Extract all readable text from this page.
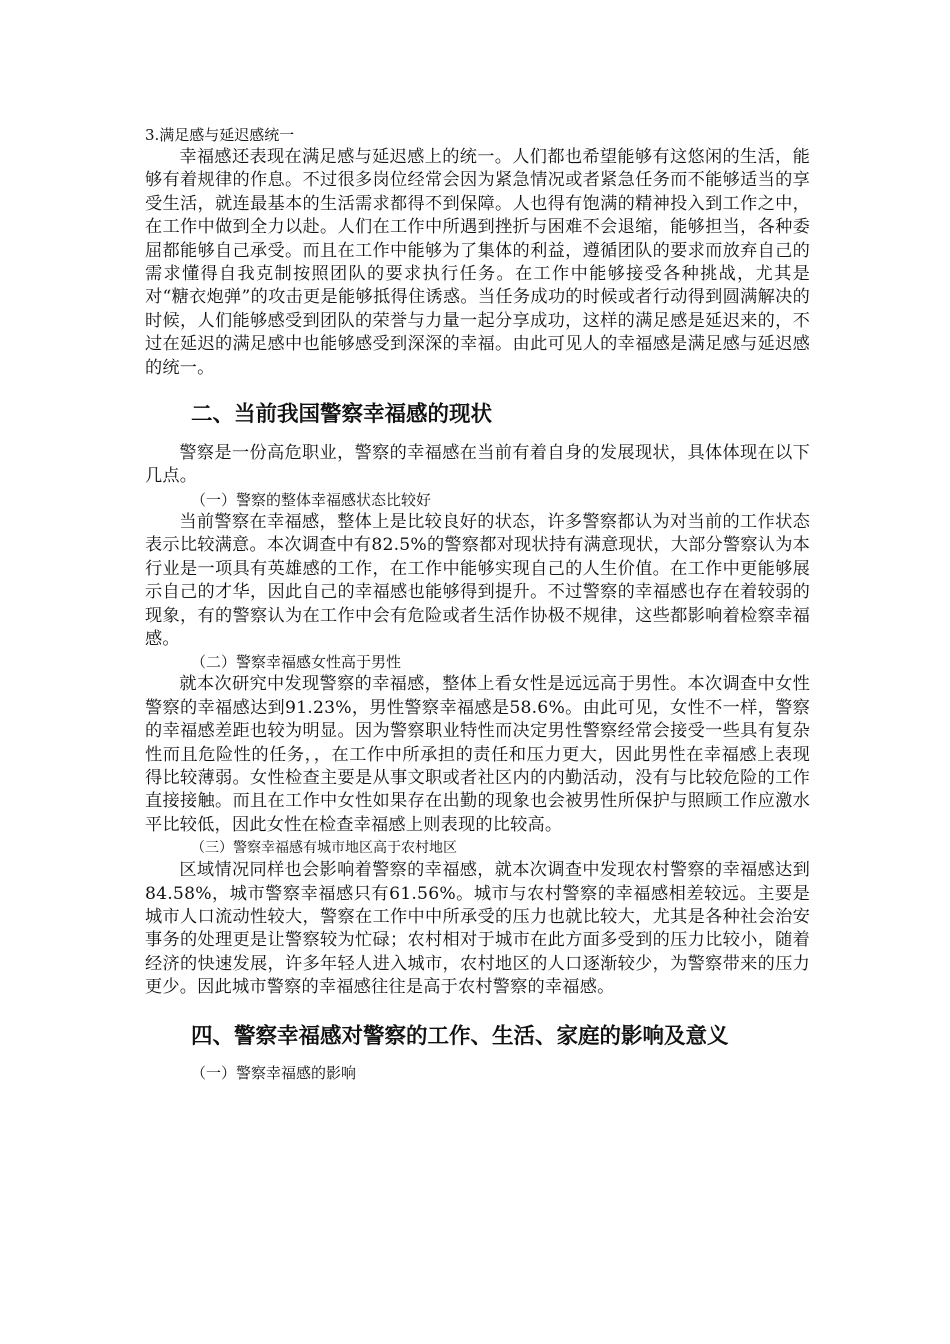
3.满足感与延迟感统一

幸福感还表现在满足感与延迟感上的统一。人们都也希望能够有这悠闲的生活，能够有着规律的作息。不过很多岗位经常会因为紧急情况或者紧急任务而不能够适当的享受生活，就连最基本的生活需求都得不到保障。人也得有饱满的精神投入到工作之中，在工作中做到全力以赴。人们在工作中所遇到挫折与困难不会退缩，能够担当，各种委屈都能够自己承受。而且在工作中能够为了集体的利益，遵循团队的要求而放弃自己的需求懂得自我克制按照团队的要求执行任务。在工作中能够接受各种挑战，尤其是对“糖衣炮弹”的攻击更是能够抵得住诱惑。当任务成功的时候或者行动得到圆满解决的时候，人们能够感受到团队的荣誉与力量一起分享成功，这样的满足感是延迟来的，不过在延迟的满足感中也能够感受到深深的幸福。由此可见人的幸福感是满足感与延迟感的统一。

二、当前我国警察幸福感的现状

警察是一份高危职业，警察的幸福感在当前有着自身的发展现状，具体体现在以下几点。

（一）警察的整体幸福感状态比较好

当前警察在幸福感，整体上是比较良好的状态，许多警察都认为对当前的工作状态表示比较满意。本次调查中有82.5%的警察都对现状持有满意现状，大部分警察认为本行业是一项具有英雄感的工作，在工作中能够实现自己的人生价值。在工作中更能够展示自己的才华，因此自己的幸福感也能够得到提升。不过警察的幸福感也存在着较弱的现象，有的警察认为在工作中会有危险或者生活作协极不规律，这些都影响着检察幸福感。

（二）警察幸福感女性高于男性

就本次研究中发现警察的幸福感，整体上看女性是远远高于男性。本次调查中女性警察的幸福感达到91.23%，男性警察幸福感是58.6%。由此可见，女性不一样，警察的幸福感差距也较为明显。因为警察职业特性而决定男性警察经常会接受一些具有复杂性而且危险性的任务，，在工作中所承担的责任和压力更大，因此男性在幸福感上表现得比较薄弱。女性检查主要是从事文职或者社区内的内勤活动，没有与比较危险的工作直接接触。而且在工作中女性如果存在出勤的现象也会被男性所保护与照顾工作应激水平比较低，因此女性在检查幸福感上则表现的比较高。

（三）警察幸福感有城市地区高于农村地区

区域情况同样也会影响着警察的幸福感，就本次调查中发现农村警察的幸福感达到84.58%，城市警察幸福感只有61.56%。城市与农村警察的幸福感相差较远。主要是城市人口流动性较大，警察在工作中中所承受的压力也就比较大，尤其是各种社会治安事务的处理更是让警察较为忙碌；农村相对于城市在此方面多受到的压力比较小，随着经济的快速发展，许多年轻人进入城市，农村地区的人口逐渐较少，为警察带来的压力更少。因此城市警察的幸福感往往是高于农村警察的幸福感。

四、警察幸福感对警察的工作、生活、家庭的影响及意义

（一）警察幸福感的影响
